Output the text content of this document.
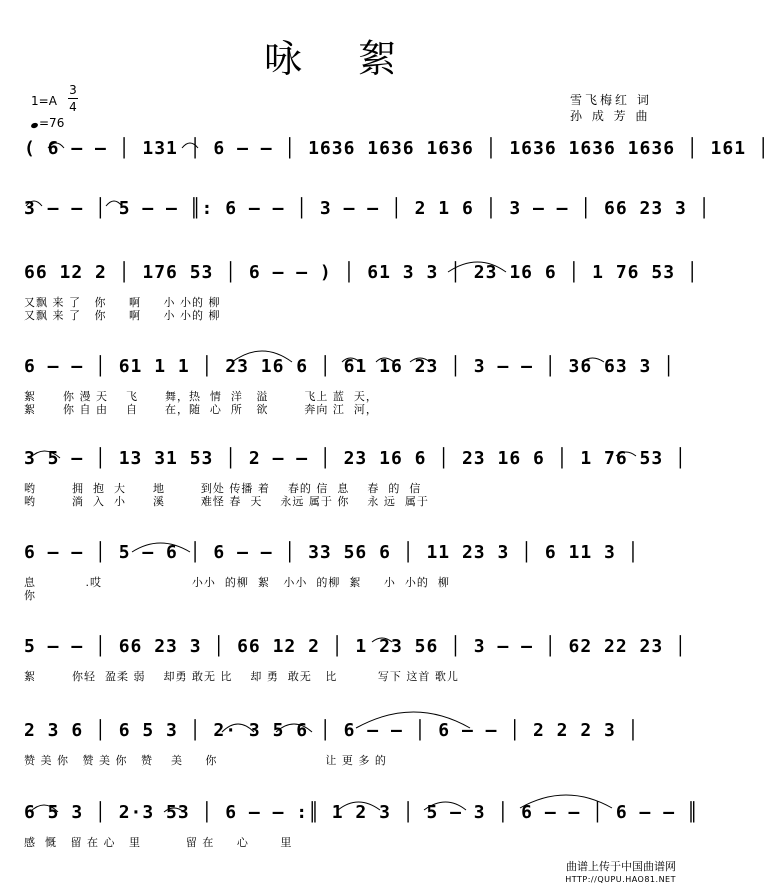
咏 絮
雪飞梅红 词
孙 成 芳 曲
1=A
3
4
=76
( 6 — — │ 131 │ 6 — — │ 1636 1636 1636 │ 1636 1636 1636 │ 161 │
3 — — │ 5 — — ║: 6 — — │ 3 — — │ 2 1 6 │ 3 — — │ 66 23 3 │
66 12 2 │ 176 53 │ 6 — — ) │ 61 3 3 │ 23 16 6 │ 1 76 53 │
又飘 来 了   你     啊     小 小的 柳
又飘 来 了   你     啊     小 小的 柳
6 — — │ 61 1 1 │ 23 16 6 │ 61 16 23 │ 3 — — │ 36 63 3 │
絮      你 漫 天    飞      舞，热  情  洋   溢        飞上 蓝  天，
絮      你 自 由    自      在，随  心  所   欲        奔向 江  河，
3 5 — │ 13 31 53 │ 2 — — │ 23 16 6 │ 23 16 6 │ 1 76 53 │
哟        拥  抱  大      地        到处 传播 着    春的 信  息    春  的  信
哟        淌  入  小      溪        难怪 春  天    永远 属于 你    永 远  属于
6 — — │ 5 — 6 │ 6 — — │ 33 56 6 │ 11 23 3 │ 6 11 3 │
息           .哎                    小小  的柳  絮   小小  的柳  絮     小  小的  柳
你
5 — — │ 66 23 3 │ 66 12 2 │ 1 23 56 │ 3 — — │ 62 22 23 │
絮        你轻  盈柔 弱    却勇 敢无 比    却 勇  敢无   比         写下 这首 歌儿
2 3 6 │ 6 5 3 │ 2· 3 5 6 │ 6 — — │ 6 — — │ 2 2 2 3 │
赞 美 你   赞 美 你   赞    美     你                        让 更 多 的
6 5 3 │ 2·3 53 │ 6 — — :║ 1 2 3 │ 5 — 3 │ 6 — — │ 6 — — ║
感  慨   留 在 心   里          留 在     心       里
曲谱上传于中国曲谱网
HTTP://QUPU.HAO81.NET
